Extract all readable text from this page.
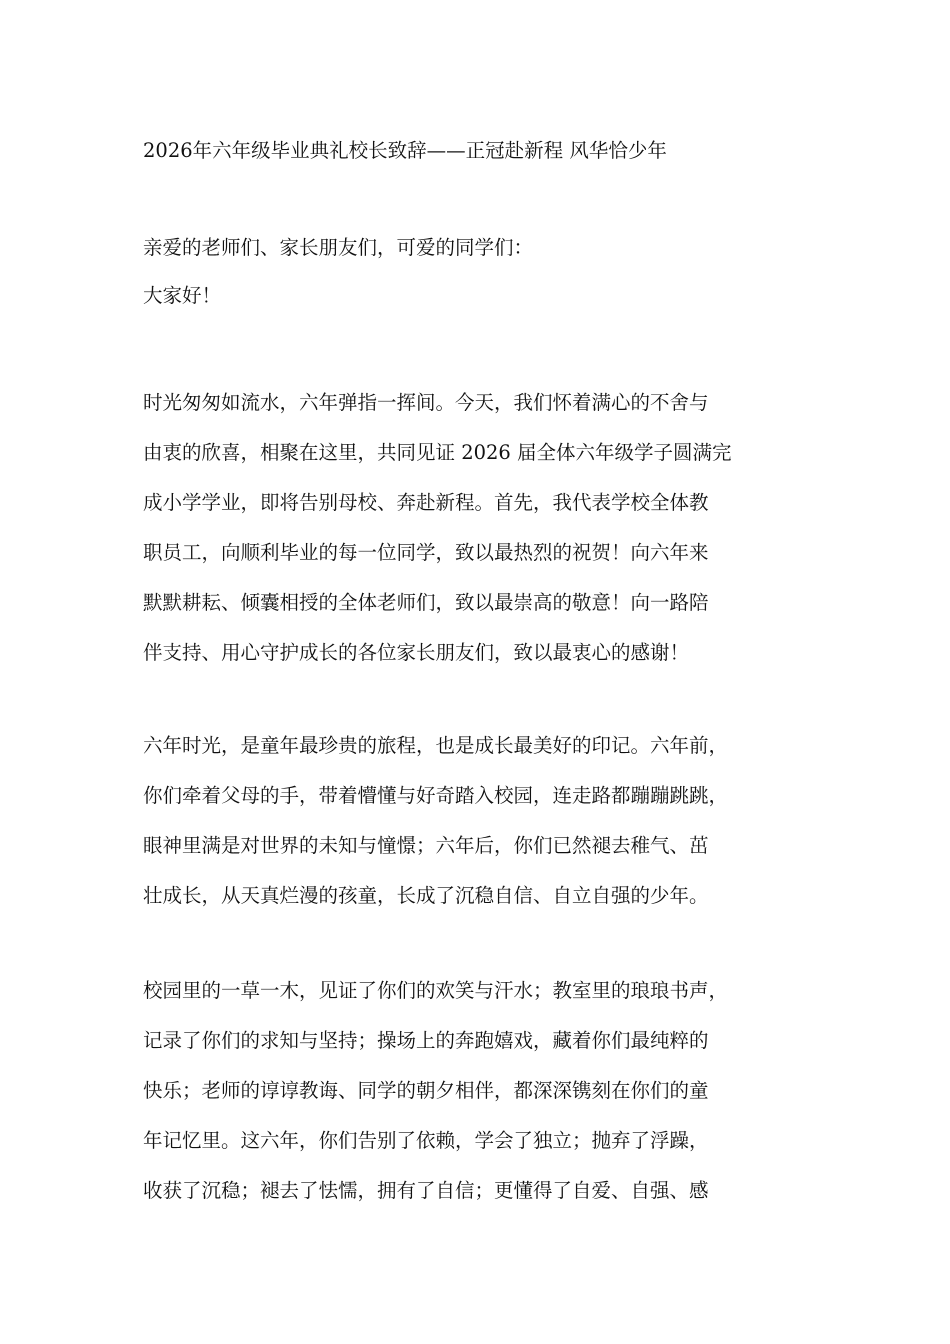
2026年六年级毕业典礼校长致辞——正冠赴新程 风华恰少年
亲爱的老师们、家长朋友们，可爱的同学们：
大家好！

时光匆匆如流水，六年弹指一挥间。今天，我们怀着满心的不舍与
由衷的欣喜，相聚在这里，共同见证 2026 届全体六年级学子圆满完
成小学学业，即将告别母校、奔赴新程。首先，我代表学校全体教
职员工，向顺利毕业的每一位同学，致以最热烈的祝贺！向六年来
默默耕耘、倾囊相授的全体老师们，致以最崇高的敬意！向一路陪
伴支持、用心守护成长的各位家长朋友们，致以最衷心的感谢！

六年时光，是童年最珍贵的旅程，也是成长最美好的印记。六年前，
你们牵着父母的手，带着懵懂与好奇踏入校园，连走路都蹦蹦跳跳，
眼神里满是对世界的未知与憧憬；六年后，你们已然褪去稚气、茁
壮成长，从天真烂漫的孩童，长成了沉稳自信、自立自强的少年。

校园里的一草一木，见证了你们的欢笑与汗水；教室里的琅琅书声，
记录了你们的求知与坚持；操场上的奔跑嬉戏，藏着你们最纯粹的
快乐；老师的谆谆教诲、同学的朝夕相伴，都深深镌刻在你们的童
年记忆里。这六年，你们告别了依赖，学会了独立；抛弃了浮躁，
收获了沉稳；褪去了怯懦，拥有了自信；更懂得了自爱、自强、感
